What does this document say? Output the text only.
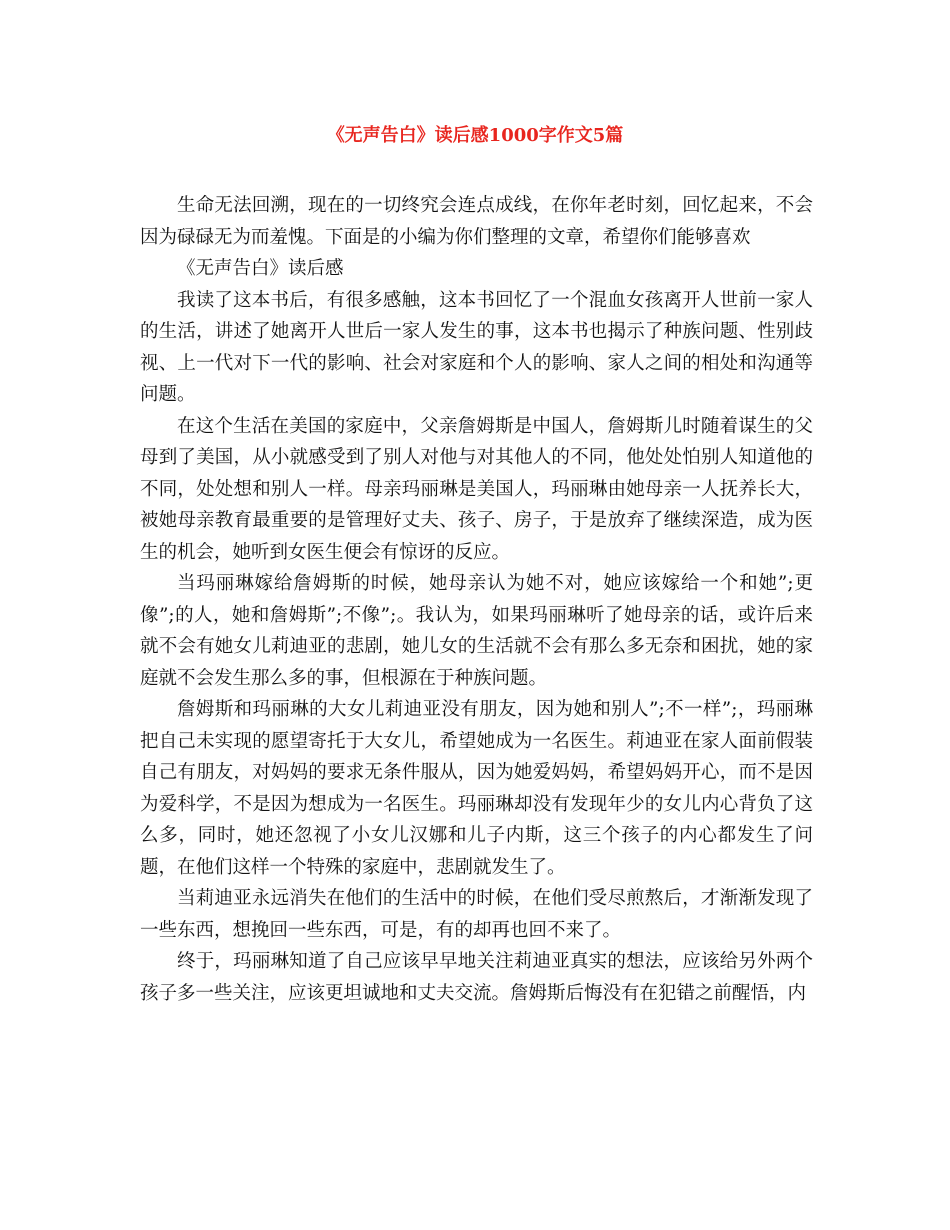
《无声告白》读后感1000字作文5篇

生命无法回溯，现在的一切终究会连点成线，在你年老时刻，回忆起来，不会因为碌碌无为而羞愧。下面是的小编为你们整理的文章，希望你们能够喜欢

《无声告白》读后感

我读了这本书后，有很多感触，这本书回忆了一个混血女孩离开人世前一家人的生活，讲述了她离开人世后一家人发生的事，这本书也揭示了种族问题、性别歧视、上一代对下一代的影响、社会对家庭和个人的影响、家人之间的相处和沟通等问题。

在这个生活在美国的家庭中，父亲詹姆斯是中国人，詹姆斯儿时随着谋生的父母到了美国，从小就感受到了别人对他与对其他人的不同，他处处怕别人知道他的不同，处处想和别人一样。母亲玛丽琳是美国人，玛丽琳由她母亲一人抚养长大，被她母亲教育最重要的是管理好丈夫、孩子、房子，于是放弃了继续深造，成为医生的机会，她听到女医生便会有惊讶的反应。

当玛丽琳嫁给詹姆斯的时候，她母亲认为她不对，她应该嫁给一个和她”;更像”;的人，她和詹姆斯”;不像”;。我认为，如果玛丽琳听了她母亲的话，或许后来就不会有她女儿莉迪亚的悲剧，她儿女的生活就不会有那么多无奈和困扰，她的家庭就不会发生那么多的事，但根源在于种族问题。

詹姆斯和玛丽琳的大女儿莉迪亚没有朋友，因为她和别人”;不一样”;，玛丽琳把自己未实现的愿望寄托于大女儿，希望她成为一名医生。莉迪亚在家人面前假装自己有朋友，对妈妈的要求无条件服从，因为她爱妈妈，希望妈妈开心，而不是因为爱科学，不是因为想成为一名医生。玛丽琳却没有发现年少的女儿内心背负了这么多，同时，她还忽视了小女儿汉娜和儿子内斯，这三个孩子的内心都发生了问题，在他们这样一个特殊的家庭中，悲剧就发生了。

当莉迪亚永远消失在他们的生活中的时候，在他们受尽煎熬后，才渐渐发现了一些东西，想挽回一些东西，可是，有的却再也回不来了。

终于，玛丽琳知道了自己应该早早地关注莉迪亚真实的想法，应该给另外两个孩子多一些关注，应该更坦诚地和丈夫交流。詹姆斯后悔没有在犯错之前醒悟，内
